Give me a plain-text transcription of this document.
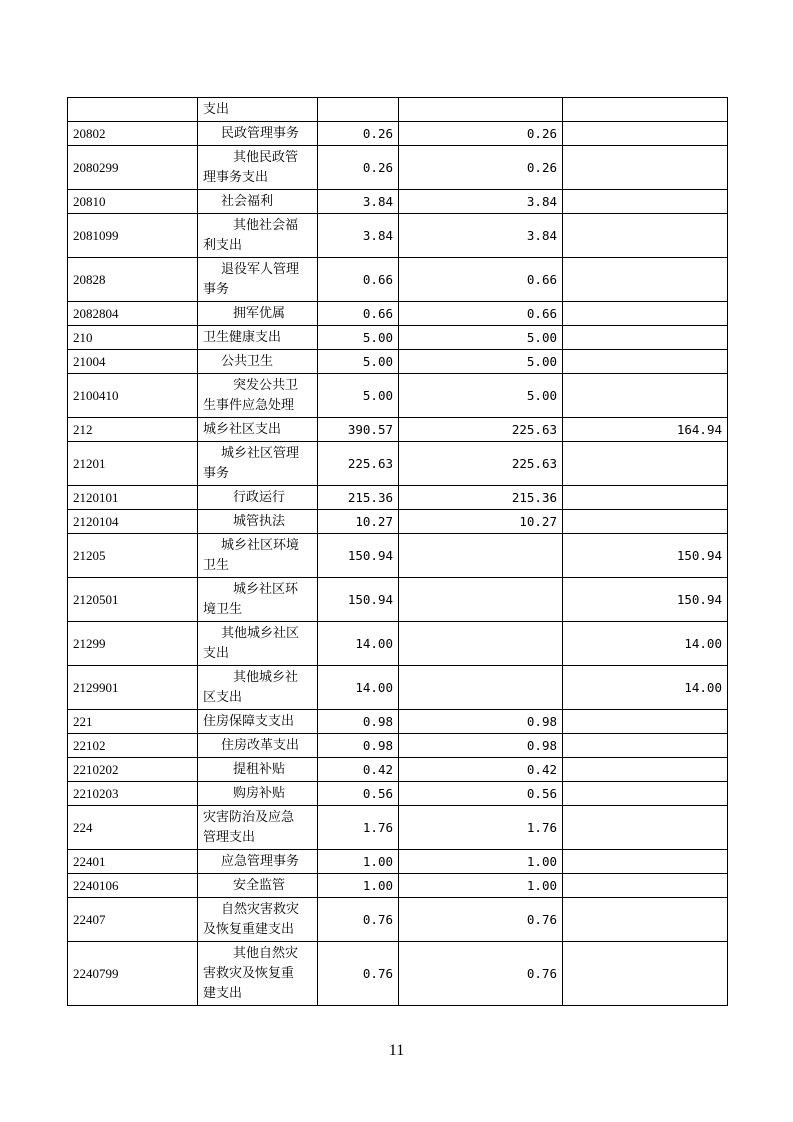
	支出			

20802	民政管理事务	0.26	0.26	
2080299	其他民政管
理事务支出	0.26	0.26	
20810	社会福利	3.84	3.84	
2081099	其他社会福
利支出	3.84	3.84	
20828	退役军人管理
事务	0.66	0.66	
2082804	拥军优属	0.66	0.66	
210	卫生健康支出	5.00	5.00	
21004	公共卫生	5.00	5.00	
2100410	突发公共卫
生事件应急处理	5.00	5.00	
212	城乡社区支出	390.57	225.63	164.94
21201	城乡社区管理
事务	225.63	225.63	
2120101	行政运行	215.36	215.36	
2120104	城管执法	10.27	10.27	
21205	城乡社区环境
卫生	150.94		150.94
2120501	城乡社区环
境卫生	150.94		150.94
21299	其他城乡社区
支出	14.00		14.00
2129901	其他城乡社
区支出	14.00		14.00
221	住房保障支支出	0.98	0.98	
22102	住房改革支出	0.98	0.98	
2210202	提租补贴	0.42	0.42	
2210203	购房补贴	0.56	0.56	
224	灾害防治及应急
管理支出	1.76	1.76	
22401	应急管理事务	1.00	1.00	
2240106	安全监管	1.00	1.00	
22407	自然灾害救灾
及恢复重建支出	0.76	0.76	
2240799	其他自然灾
害救灾及恢复重
建支出	0.76	0.76	
11
